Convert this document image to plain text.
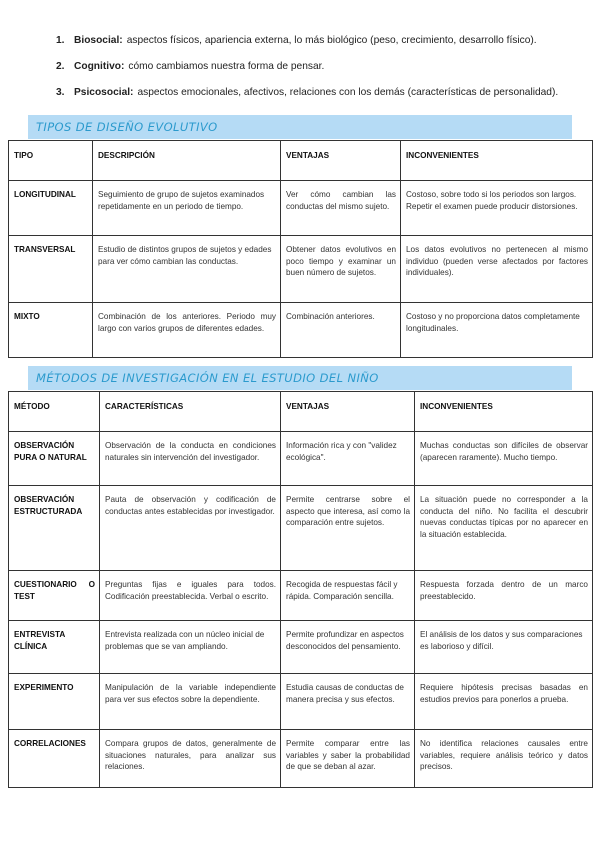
1. Biosocial: aspectos físicos, apariencia externa, lo más biológico (peso, crecimiento, desarrollo físico).
2. Cognitivo: cómo cambiamos nuestra forma de pensar.
3. Psicosocial: aspectos emocionales, afectivos, relaciones con los demás (características de personalidad).
TIPOS DE DISEÑO EVOLUTIVO
TIPO	DESCRIPCIÓN	VENTAJAS	INCONVENIENTES
LONGITUDINAL	Seguimiento de grupo de sujetos examinados repetidamente en un periodo de tiempo.	Ver cómo cambian las conductas del mismo sujeto.	Costoso, sobre todo si los periodos son largos. Repetir el examen puede producir distorsiones.
TRANSVERSAL	Estudio de distintos grupos de sujetos y edades para ver cómo cambian las conductas.	Obtener datos evolutivos en poco tiempo y examinar un buen número de sujetos.	Los datos evolutivos no pertenecen al mismo individuo (pueden verse afectados por factores individuales).
MIXTO	Combinación de los anteriores. Periodo muy largo con varios grupos de diferentes edades.	Combinación anteriores.	Costoso y no proporciona datos completamente longitudinales.
MÉTODOS DE INVESTIGACIÓN EN EL ESTUDIO DEL NIÑO
MÉTODO	CARACTERÍSTICAS	VENTAJAS	INCONVENIENTES
OBSERVACIÓN PURA O NATURAL	Observación de la conducta en condiciones naturales sin intervención del investigador.	Información rica y con "validez ecológica".	Muchas conductas son difíciles de observar (aparecen raramente). Mucho tiempo.
OBSERVACIÓN ESTRUCTURADA	Pauta de observación y codificación de conductas antes establecidas por investigador.	Permite centrarse sobre el aspecto que interesa, así como la comparación entre sujetos.	La situación puede no corresponder a la conducta del niño. No facilita el descubrir nuevas conductas típicas por no aparecer en la situación establecida.
CUESTIONARIO O TEST	Preguntas fijas e iguales para todos. Codificación preestablecida. Verbal o escrito.	Recogida de respuestas fácil y rápida. Comparación sencilla.	Respuesta forzada dentro de un marco preestablecido.
ENTREVISTA CLÍNICA	Entrevista realizada con un núcleo inicial de problemas que se van ampliando.	Permite profundizar en aspectos desconocidos del pensamiento.	El análisis de los datos y sus comparaciones es laborioso y difícil.
EXPERIMENTO	Manipulación de la variable independiente para ver sus efectos sobre la dependiente.	Estudia causas de conductas de manera precisa y sus efectos.	Requiere hipótesis precisas basadas en estudios previos para ponerlos a prueba.
CORRELACIONES	Compara grupos de datos, generalmente de situaciones naturales, para analizar sus relaciones.	Permite comparar entre las variables y saber la probabilidad de que se deban al azar.	No identifica relaciones causales entre variables, requiere análisis teórico y datos precisos.
